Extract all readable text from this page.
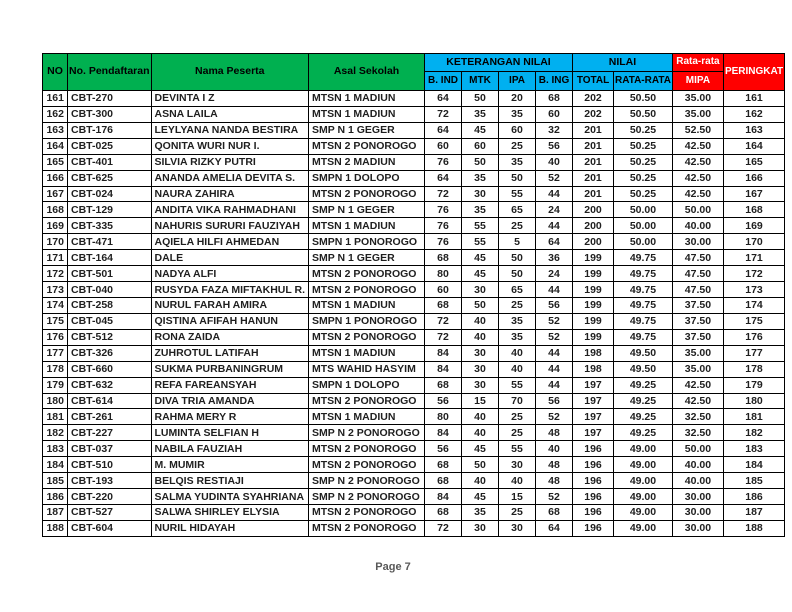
NO	No. Pendaftaran	Nama Peserta	Asal Sekolah	KETERANGAN NILAI				NILAI		Rata-rata	PERINGKAT
				B. IND	MTK	IPA	B. ING	TOTAL	RATA-RATA	MIPA	
161	CBT-270	DEVINTA I Z	MTSN 1 MADIUN	64	50	20	68	202	50.50	35.00	161
162	CBT-300	ASNA LAILA	MTSN 1 MADIUN	72	35	35	60	202	50.50	35.00	162
163	CBT-176	LEYLYANA NANDA BESTIRA	SMP N 1 GEGER	64	45	60	32	201	50.25	52.50	163
164	CBT-025	QONITA WURI NUR I.	MTSN 2 PONOROGO	60	60	25	56	201	50.25	42.50	164
165	CBT-401	SILVIA RIZKY PUTRI	MTSN 2 MADIUN	76	50	35	40	201	50.25	42.50	165
166	CBT-625	ANANDA AMELIA DEVITA S.	SMPN 1 DOLOPO	64	35	50	52	201	50.25	42.50	166
167	CBT-024	NAURA ZAHIRA	MTSN 2 PONOROGO	72	30	55	44	201	50.25	42.50	167
168	CBT-129	ANDITA VIKA RAHMADHANI	SMP N 1 GEGER	76	35	65	24	200	50.00	50.00	168
169	CBT-335	NAHURIS SURURI FAUZIYAH	MTSN 1 MADIUN	76	55	25	44	200	50.00	40.00	169
170	CBT-471	AQIELA HILFI AHMEDAN	SMPN 1 PONOROGO	76	55	5	64	200	50.00	30.00	170
171	CBT-164	DALE	SMP N 1 GEGER	68	45	50	36	199	49.75	47.50	171
172	CBT-501	NADYA ALFI	MTSN 2 PONOROGO	80	45	50	24	199	49.75	47.50	172
173	CBT-040	RUSYDA FAZA MIFTAKHUL R.	MTSN 2 PONOROGO	60	30	65	44	199	49.75	47.50	173
174	CBT-258	NURUL FARAH AMIRA	MTSN 1 MADIUN	68	50	25	56	199	49.75	37.50	174
175	CBT-045	QISTINA AFIFAH HANUN	SMPN 1 PONOROGO	72	40	35	52	199	49.75	37.50	175
176	CBT-512	RONA ZAIDA	MTSN 2 PONOROGO	72	40	35	52	199	49.75	37.50	176
177	CBT-326	ZUHROTUL LATIFAH	MTSN 1 MADIUN	84	30	40	44	198	49.50	35.00	177
178	CBT-660	SUKMA PURBANINGRUM	MTS WAHID HASYIM	84	30	40	44	198	49.50	35.00	178
179	CBT-632	REFA FAREANSYAH	SMPN 1 DOLOPO	68	30	55	44	197	49.25	42.50	179
180	CBT-614	DIVA TRIA AMANDA	MTSN 2 PONOROGO	56	15	70	56	197	49.25	42.50	180
181	CBT-261	RAHMA MERY R	MTSN 1 MADIUN	80	40	25	52	197	49.25	32.50	181
182	CBT-227	LUMINTA SELFIAN H	SMP N 2 PONOROGO	84	40	25	48	197	49.25	32.50	182
183	CBT-037	NABILA FAUZIAH	MTSN 2 PONOROGO	56	45	55	40	196	49.00	50.00	183
184	CBT-510	M. MUMIR	MTSN 2 PONOROGO	68	50	30	48	196	49.00	40.00	184
185	CBT-193	BELQIS RESTIAJI	SMP N 2 PONOROGO	68	40	40	48	196	49.00	40.00	185
186	CBT-220	SALMA YUDINTA SYAHRIANA	SMP N 2 PONOROGO	84	45	15	52	196	49.00	30.00	186
187	CBT-527	SALWA SHIRLEY ELYSIA	MTSN 2 PONOROGO	68	35	25	68	196	49.00	30.00	187
188	CBT-604	NURIL HIDAYAH	MTSN 2 PONOROGO	72	30	30	64	196	49.00	30.00	188
Page 7
